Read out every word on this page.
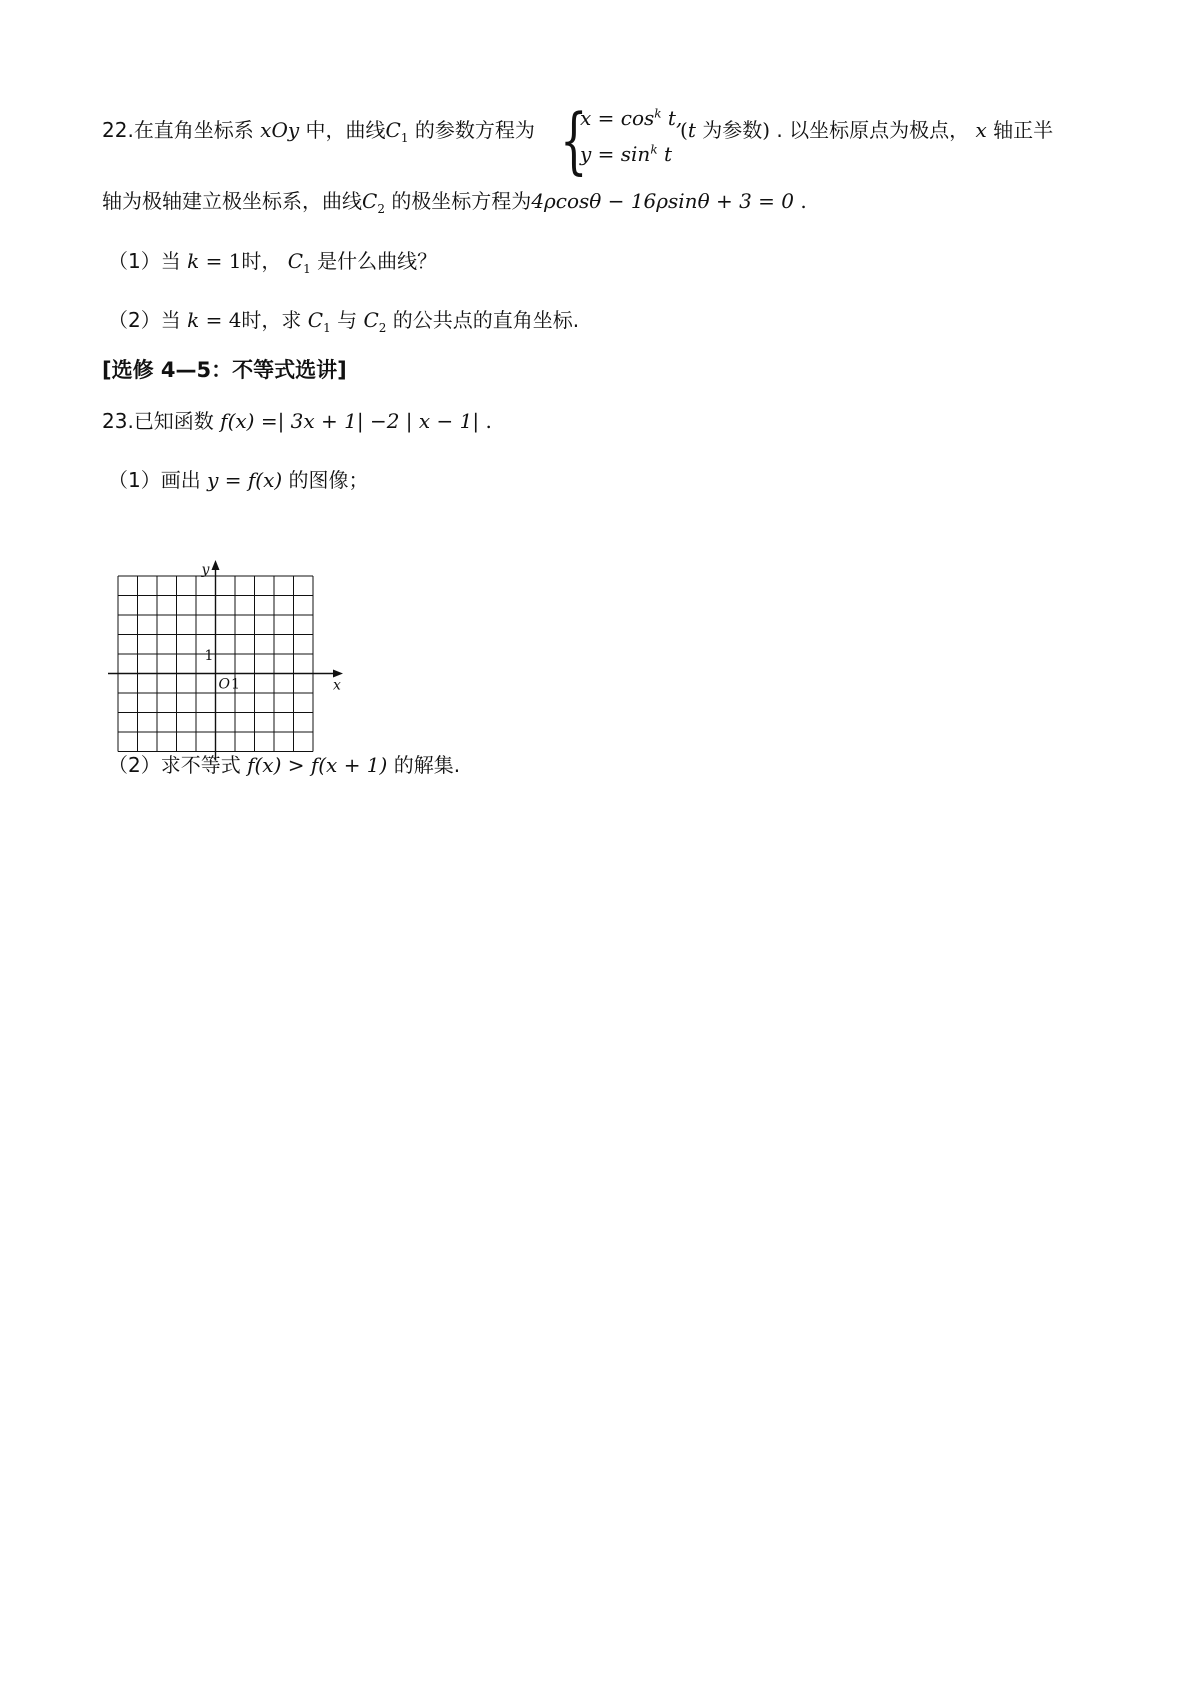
22.在直角坐标系 xOy 中，曲线$C_1$ 的参数方程为 {
$x = \cos^k t$,
$y = \sin^k t$
(t 为参数) . 以坐标原点为极点， x 轴正半
轴为极轴建立极坐标系，曲线$C_2$ 的极坐标方程为4ρcosθ − 16ρsinθ + 3 = 0 .
（1）当 k = 1时， $C_1$ 是什么曲线？
（2）当 k = 4时，求 $C_1$ 与 $C_2$ 的公共点的直角坐标.
[选修 4—5：不等式选讲]
23.已知函数 f(x) =| 3x + 1| −2 | x − 1| .
（1）画出 y = f(x) 的图像；
y
x
O 1
1
（2）求不等式 f(x) > f(x + 1) 的解集.
